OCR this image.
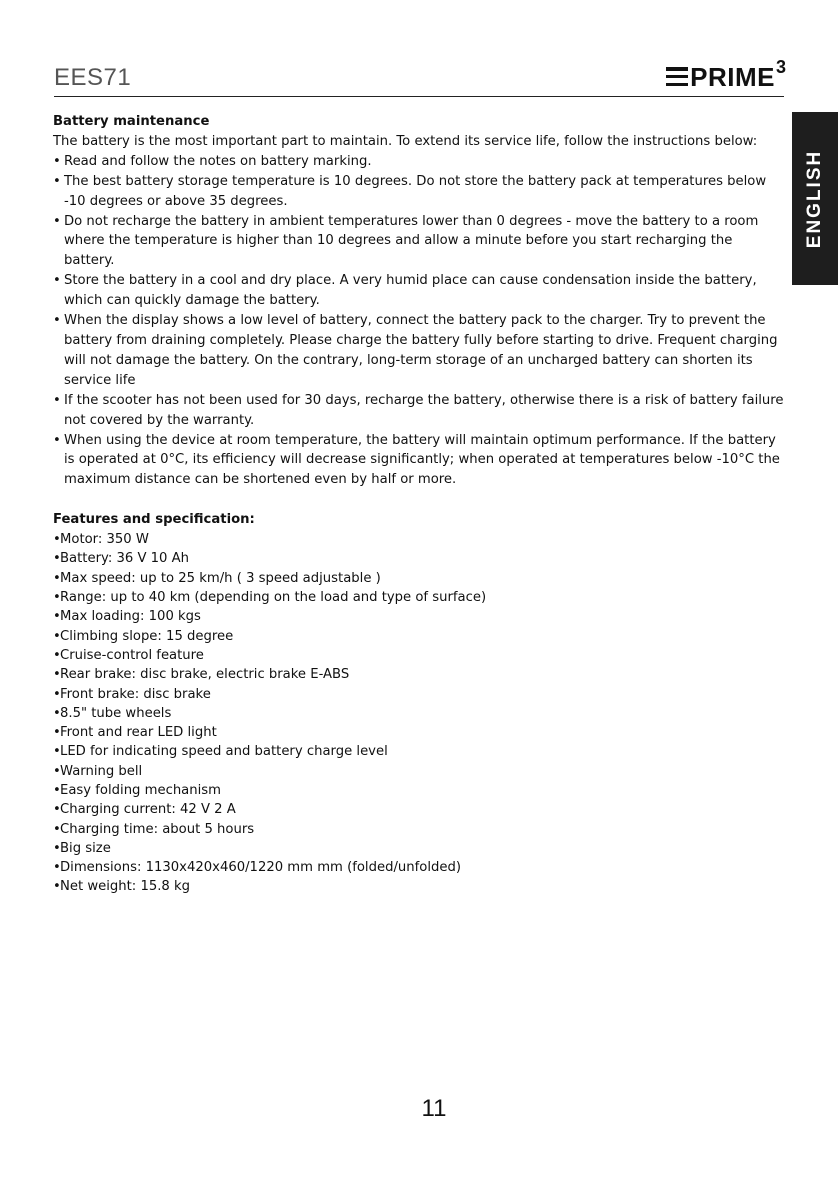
EES71	PRIME 3
ENGLISH

Battery maintenance

The battery is the most important part to maintain. To extend its service life, follow the instructions below:

• Read and follow the notes on battery marking.
• The best battery storage temperature is 10 degrees. Do not store the battery pack at temperatures below -10 degrees or above 35 degrees.
• Do not recharge the battery in ambient temperatures lower than 0 degrees - move the battery to a room where the temperature is higher than 10 degrees and allow a minute before you start recharging the battery.
• Store the battery in a cool and dry place. A very humid place can cause condensation inside the battery, which can quickly damage the battery.
• When the display shows a low level of battery, connect the battery pack to the charger. Try to prevent the battery from draining completely. Please charge the battery fully before starting to drive. Frequent charging will not damage the battery. On the contrary, long-term storage of an uncharged battery can shorten its service life
• If the scooter has not been used for 30 days, recharge the battery, otherwise there is a risk of battery failure not covered by the warranty.
• When using the device at room temperature, the battery will maintain optimum performance. If the battery is operated at 0°C, its efficiency will decrease significantly; when operated at temperatures below -10°C the maximum distance can be shortened even by half or more.

Features and specification:

• Motor: 350 W
• Battery: 36 V 10 Ah
• Max speed: up to 25 km/h ( 3 speed adjustable )
• Range: up to 40 km (depending on the load and type of surface)
• Max loading: 100 kgs
• Climbing slope: 15 degree
• Cruise-control feature
• Rear brake: disc brake, electric brake E-ABS
• Front brake: disc brake
• 8.5" tube wheels
• Front and rear LED light
• LED for indicating speed and battery charge level
• Warning bell
• Easy folding mechanism
• Charging current: 42 V 2 A
• Charging time: about 5 hours
• Big size
• Dimensions: 1130x420x460/1220 mm mm (folded/unfolded)
• Net weight: 15.8 kg
11
